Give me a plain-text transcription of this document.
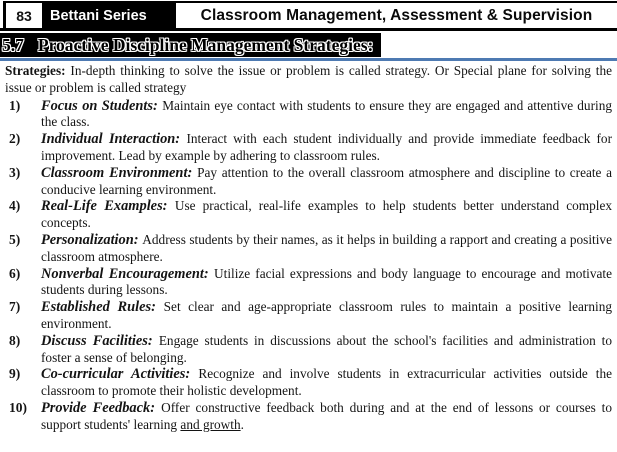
83	Bettani Series	Classroom Management, Assessment & Supervision
5.7 Proactive Discipline Management Strategies:

Strategies: In-depth thinking to solve the issue or problem is called strategy. Or Special plane for solving the issue or problem is called strategy

1)	Focus on Students: Maintain eye contact with students to ensure they are engaged and attentive during the class.
2)	Individual Interaction: Interact with each student individually and provide immediate feedback for improvement. Lead by example by adhering to classroom rules.
3)	Classroom Environment: Pay attention to the overall classroom atmosphere and discipline to create a conducive learning environment.
4)	Real-Life Examples: Use practical, real-life examples to help students better understand complex concepts.
5)	Personalization: Address students by their names, as it helps in building a rapport and creating a positive classroom atmosphere.
6)	Nonverbal Encouragement: Utilize facial expressions and body language to encourage and motivate students during lessons.
7)	Established Rules: Set clear and age-appropriate classroom rules to maintain a positive learning environment.
8)	Discuss Facilities: Engage students in discussions about the school's facilities and administration to foster a sense of belonging.
9)	Co-curricular Activities: Recognize and involve students in extracurricular activities outside the classroom to promote their holistic development.
10) Provide Feedback: Offer constructive feedback both during and at the end of lessons or courses to support students' learning and growth.
